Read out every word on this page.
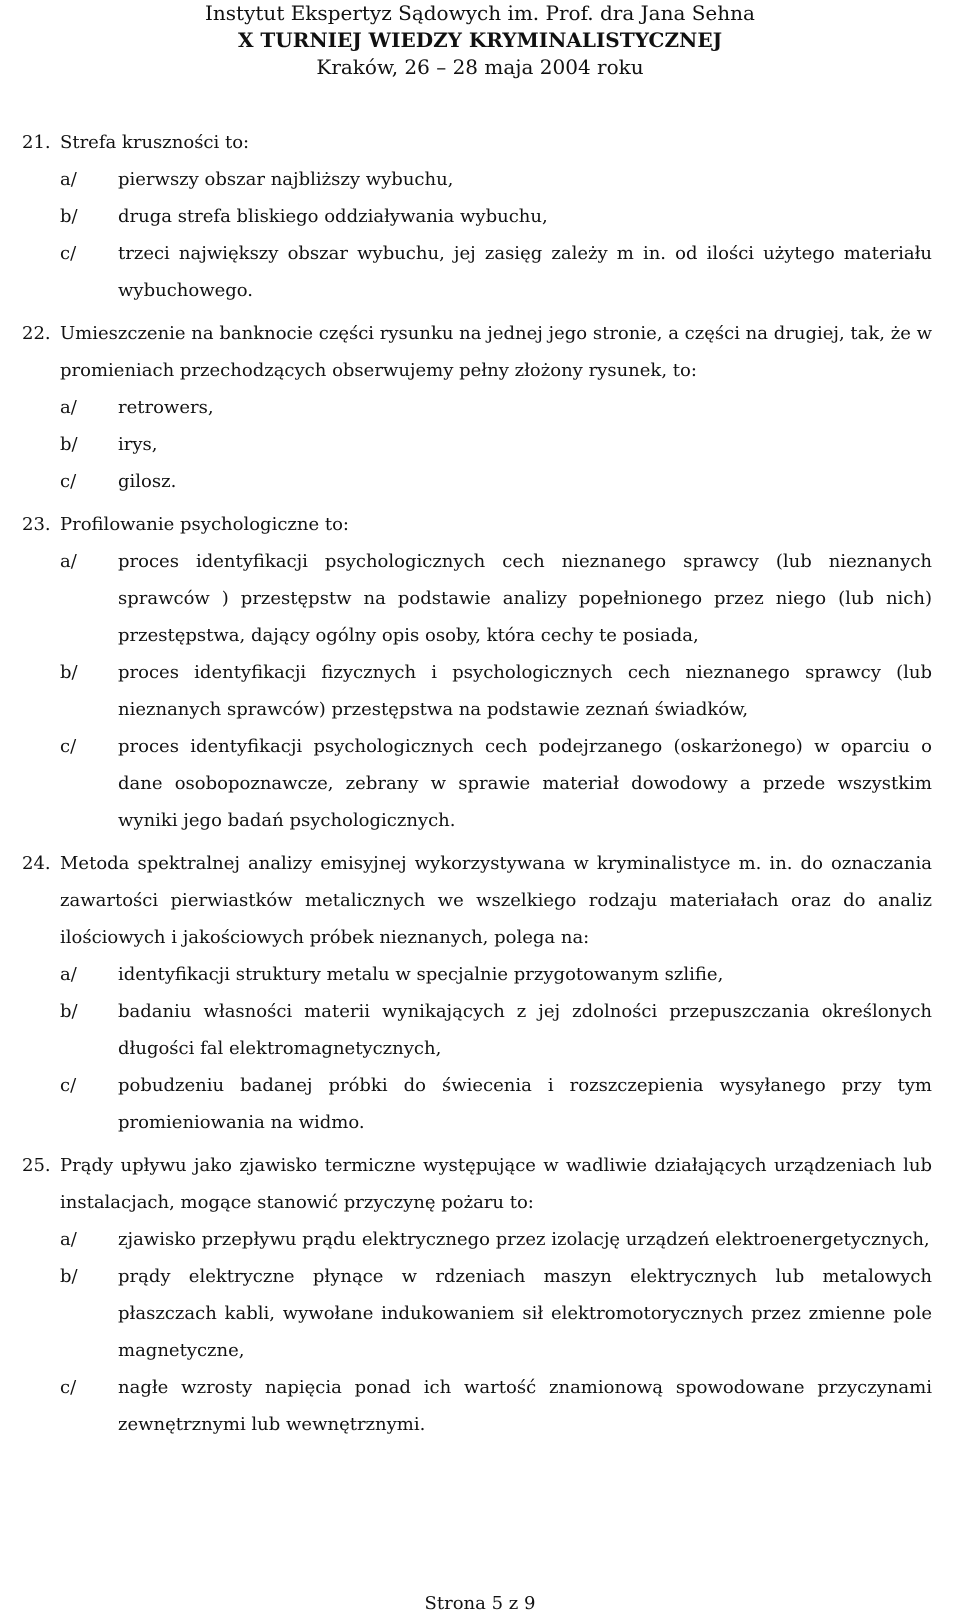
Instytut Ekspertyz Sądowych im. Prof. dra Jana Sehna
X TURNIEJ WIEDZY KRYMINALISTYCZNEJ
Kraków, 26 – 28 maja 2004 roku
21. Strefa kruszności to:
a/ pierwszy obszar najbliższy wybuchu,
b/ druga strefa bliskiego oddziaływania wybuchu,
c/ trzeci największy obszar wybuchu, jej zasięg zależy m in. od ilości użytego materiału wybuchowego.
22. Umieszczenie na banknocie części rysunku na jednej jego stronie, a części na drugiej, tak, że w promieniach przechodzących obserwujemy pełny złożony rysunek, to:
a/ retrowers,
b/ irys,
c/ gilosz.
23. Profilowanie psychologiczne to:
a/ proces identyfikacji psychologicznych cech nieznanego sprawcy (lub nieznanych sprawców ) przestępstw na podstawie analizy popełnionego przez niego (lub nich) przestępstwa, dający ogólny opis osoby, która cechy te posiada,
b/ proces identyfikacji fizycznych i psychologicznych cech nieznanego sprawcy (lub nieznanych sprawców) przestępstwa na podstawie zeznań świadków,
c/ proces identyfikacji psychologicznych cech podejrzanego (oskarżonego) w oparciu o dane osobopoznawcze, zebrany w sprawie materiał dowodowy a przede wszystkim wyniki jego badań psychologicznych.
24. Metoda spektralnej analizy emisyjnej wykorzystywana w kryminalistyce m. in. do oznaczania zawartości pierwiastków metalicznych we wszelkiego rodzaju materiałach oraz do analiz ilościowych i jakościowych próbek nieznanych, polega na:
a/ identyfikacji struktury metalu w specjalnie przygotowanym szlifie,
b/ badaniu własności materii wynikających z jej zdolności przepuszczania określonych długości fal elektromagnetycznych,
c/ pobudzeniu badanej próbki do świecenia i rozszczepienia wysyłanego przy tym promieniowania na widmo.
25. Prądy upływu jako zjawisko termiczne występujące w wadliwie działających urządzeniach lub instalacjach, mogące stanowić przyczynę pożaru to:
a/ zjawisko przepływu prądu elektrycznego przez izolację urządzeń elektroenergetycznych,
b/ prądy elektryczne płynące w rdzeniach maszyn elektrycznych lub metalowych płaszczach kabli, wywołane indukowaniem sił elektromotorycznych przez zmienne pole magnetyczne,
c/ nagłe wzrosty napięcia ponad ich wartość znamionową spowodowane przyczynami zewnętrznymi lub wewnętrznymi.
Strona 5 z 9
